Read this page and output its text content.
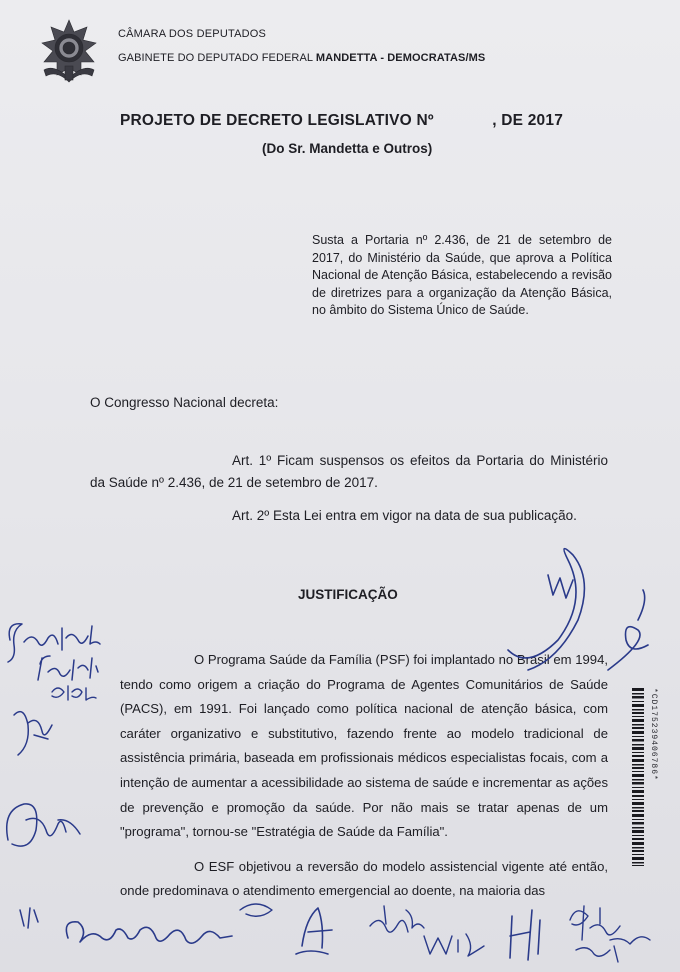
CÂMARA DOS DEPUTADOS
GABINETE DO DEPUTADO FEDERAL MANDETTA - DEMOCRATAS/MS
PROJETO DE DECRETO LEGISLATIVO Nº             , DE 2017
(Do Sr. Mandetta e Outros)
Susta a Portaria nº 2.436, de 21 de setembro de 2017, do Ministério da Saúde, que aprova a Política Nacional de Atenção Básica, estabelecendo a revisão de diretrizes para a organização da Atenção Básica, no âmbito do Sistema Único de Saúde.
O Congresso Nacional decreta:
Art. 1º Ficam suspensos os efeitos da Portaria do Ministério da Saúde nº 2.436, de 21 de setembro de 2017.
Art. 2º Esta Lei entra em vigor na data de sua publicação.
JUSTIFICAÇÃO

O Programa Saúde da Família (PSF) foi implantado no Brasil em 1994, tendo como origem a criação do Programa de Agentes Comunitários de Saúde (PACS), em 1991. Foi lançado como política nacional de atenção básica, com caráter organizativo e substitutivo, fazendo frente ao modelo tradicional de assistência primária, baseada em profissionais médicos especialistas focais, com a intenção de aumentar a acessibilidade ao sistema de saúde e incrementar as ações de prevenção e promoção da saúde. Por não mais se tratar apenas de um "programa", tornou-se "Estratégia de Saúde da Família".

O ESF objetivou a reversão do modelo assistencial vigente até então, onde predominava o atendimento emergencial ao doente, na maioria das

*CD175239406786*
